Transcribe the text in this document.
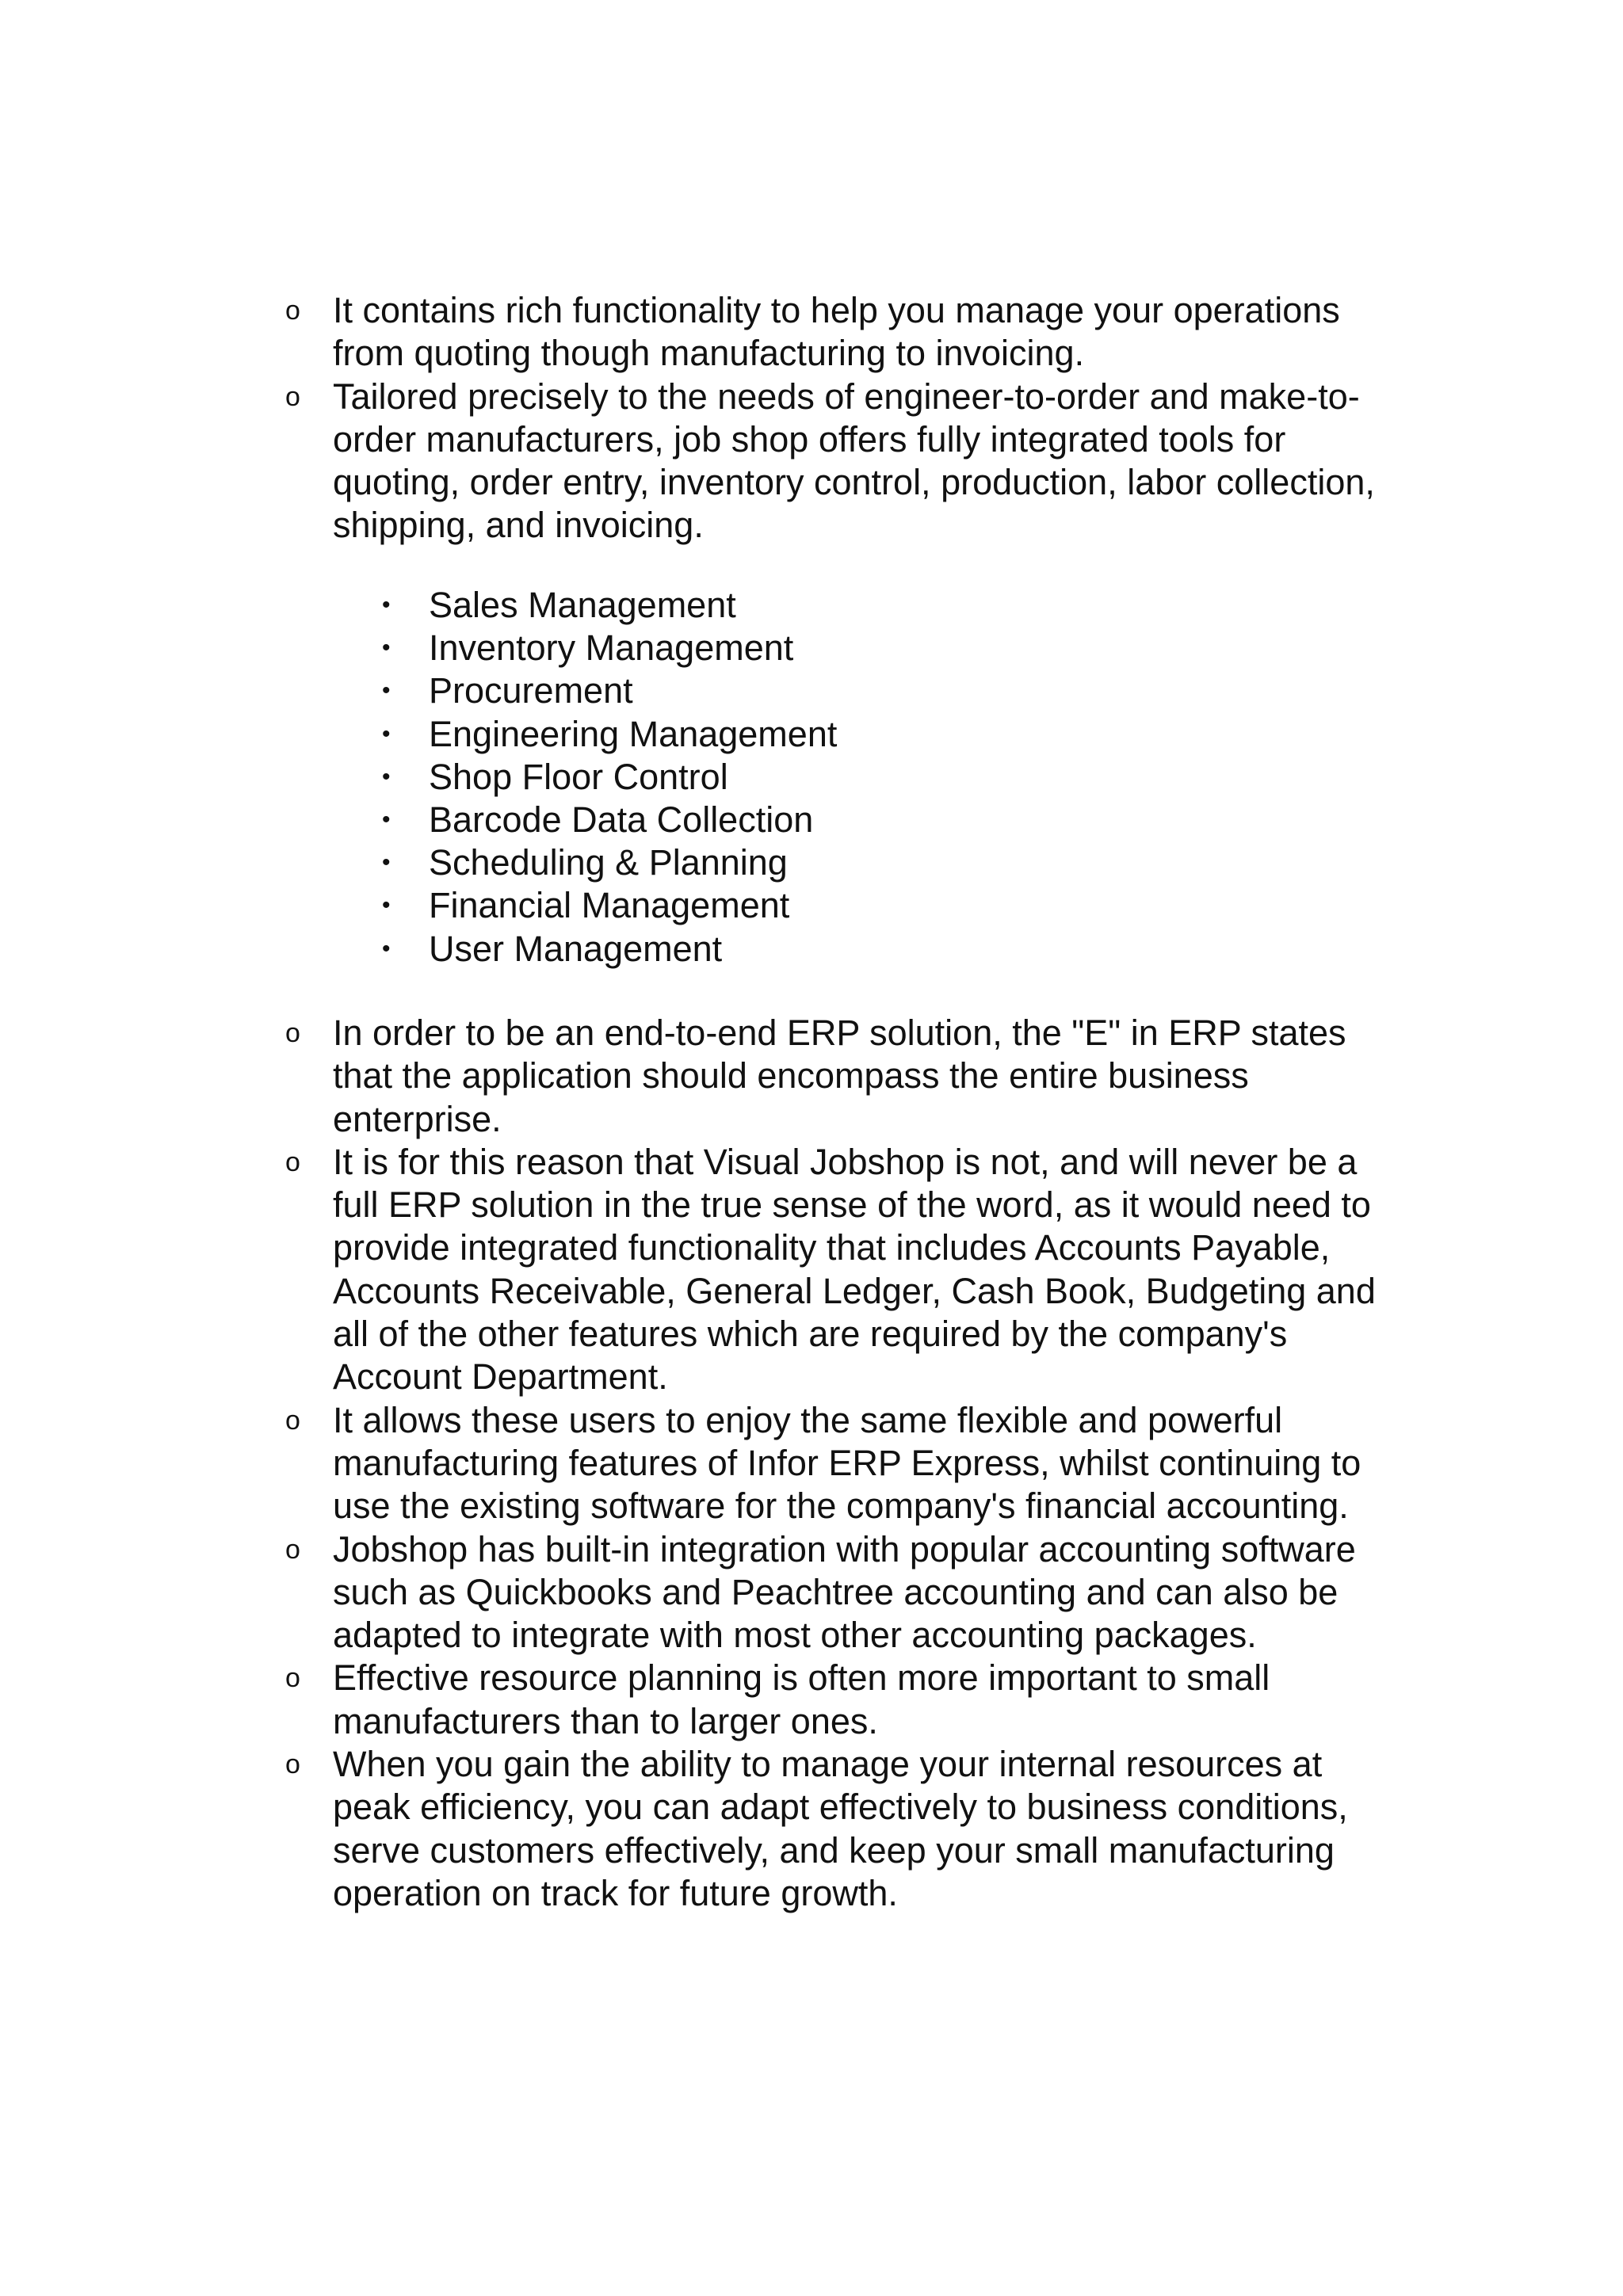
o It contains rich functionality to help you manage your operations from quoting though manufacturing to invoicing.
o Tailored precisely to the needs of engineer-to-order and make-to-order manufacturers, job shop offers fully integrated tools for quoting, order entry, inventory control, production, labor collection, shipping, and invoicing.
• Sales Management
• Inventory Management
• Procurement
• Engineering Management
• Shop Floor Control
• Barcode Data Collection
• Scheduling & Planning
• Financial Management
• User Management
o In order to be an end-to-end ERP solution, the "E" in ERP states that the application should encompass the entire business enterprise.
o It is for this reason that Visual Jobshop is not, and will never be a full ERP solution in the true sense of the word, as it would need to provide integrated functionality that includes Accounts Payable, Accounts Receivable, General Ledger, Cash Book, Budgeting and all of the other features which are required by the company's Account Department.
o It allows these users to enjoy the same flexible and powerful manufacturing features of Infor ERP Express, whilst continuing to use the existing software for the company's financial accounting.
o Jobshop has built-in integration with popular accounting software such as Quickbooks and Peachtree accounting and can also be adapted to integrate with most other accounting packages.
o Effective resource planning is often more important to small manufacturers than to larger ones.
o When you gain the ability to manage your internal resources at peak efficiency, you can adapt effectively to business conditions, serve customers effectively, and keep your small manufacturing operation on track for future growth.
